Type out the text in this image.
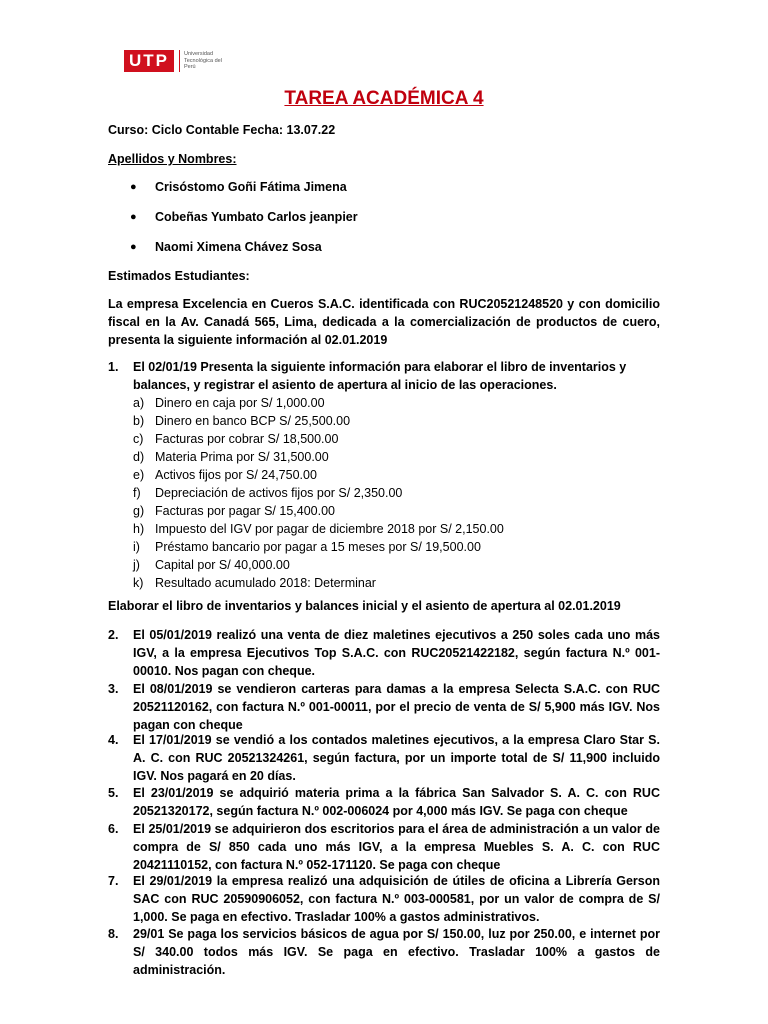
UTP	Universidad Tecnológica del Perú
TAREA ACADÉMICA 4
Curso: Ciclo Contable Fecha: 13.07.22
Apellidos y Nombres:
● Crisóstomo Goñi Fátima Jimena
● Cobeñas Yumbato Carlos jeanpier
● Naomi Ximena Chávez Sosa
Estimados Estudiantes:
La empresa Excelencia en Cueros S.A.C. identificada con RUC20521248520 y con domicilio fiscal en la Av. Canadá 565, Lima, dedicada a la comercialización de productos de cuero, presenta la siguiente información al 02.01.2019
1.	El 02/01/19 Presenta la siguiente información para elaborar el libro de inventarios y balances, y registrar el asiento de apertura al inicio de las operaciones.
a) Dinero en caja por S/ 1,000.00
b) Dinero en banco BCP S/ 25,500.00
c) Facturas por cobrar S/ 18,500.00
d) Materia Prima por S/ 31,500.00
e) Activos fijos por S/ 24,750.00
f)	Depreciación de activos fijos por S/ 2,350.00
g) Facturas por pagar S/ 15,400.00
h) Impuesto del IGV por pagar de diciembre 2018 por S/ 2,150.00
i)	Préstamo bancario por pagar a 15 meses por S/ 19,500.00
j)	Capital por S/ 40,000.00
k) Resultado acumulado 2018: Determinar
Elaborar el libro de inventarios y balances inicial y el asiento de apertura al 02.01.2019
2.	El 05/01/2019 realizó una venta de diez maletines ejecutivos a 250 soles cada uno más IGV, a la empresa Ejecutivos Top S.A.C. con RUC20521422182, según factura N.º 001-00010. Nos pagan con cheque.
3.	El 08/01/2019 se vendieron carteras para damas a la empresa Selecta S.A.C. con RUC 20521120162, con factura N.º 001-00011, por el precio de venta de S/ 5,900 más IGV. Nos pagan con cheque
4.	El 17/01/2019 se vendió a los contados maletines ejecutivos, a la empresa Claro Star S. A. C. con RUC 20521324261, según factura, por un importe total de S/ 11,900 incluido IGV. Nos pagará en 20 días.
5.	El 23/01/2019 se adquirió materia prima a la fábrica San Salvador S. A. C. con RUC 20521320172, según factura N.º 002-006024 por 4,000 más IGV. Se paga con cheque
6.	El 25/01/2019 se adquirieron dos escritorios para el área de administración a un valor de compra de S/ 850 cada uno más IGV, a la empresa Muebles S. A. C. con RUC 20421110152, con factura N.º 052-171120. Se paga con cheque
7.	El 29/01/2019 la empresa realizó una adquisición de útiles de oficina a Librería Gerson SAC con RUC 20590906052, con factura N.º 003-000581, por un valor de compra de S/ 1,000. Se paga en efectivo. Trasladar 100% a gastos administrativos.
8.	29/01 Se paga los servicios básicos de agua por S/ 150.00, luz por 250.00, e internet por S/ 340.00 todos más IGV. Se paga en efectivo. Trasladar 100% a gastos de administración.
